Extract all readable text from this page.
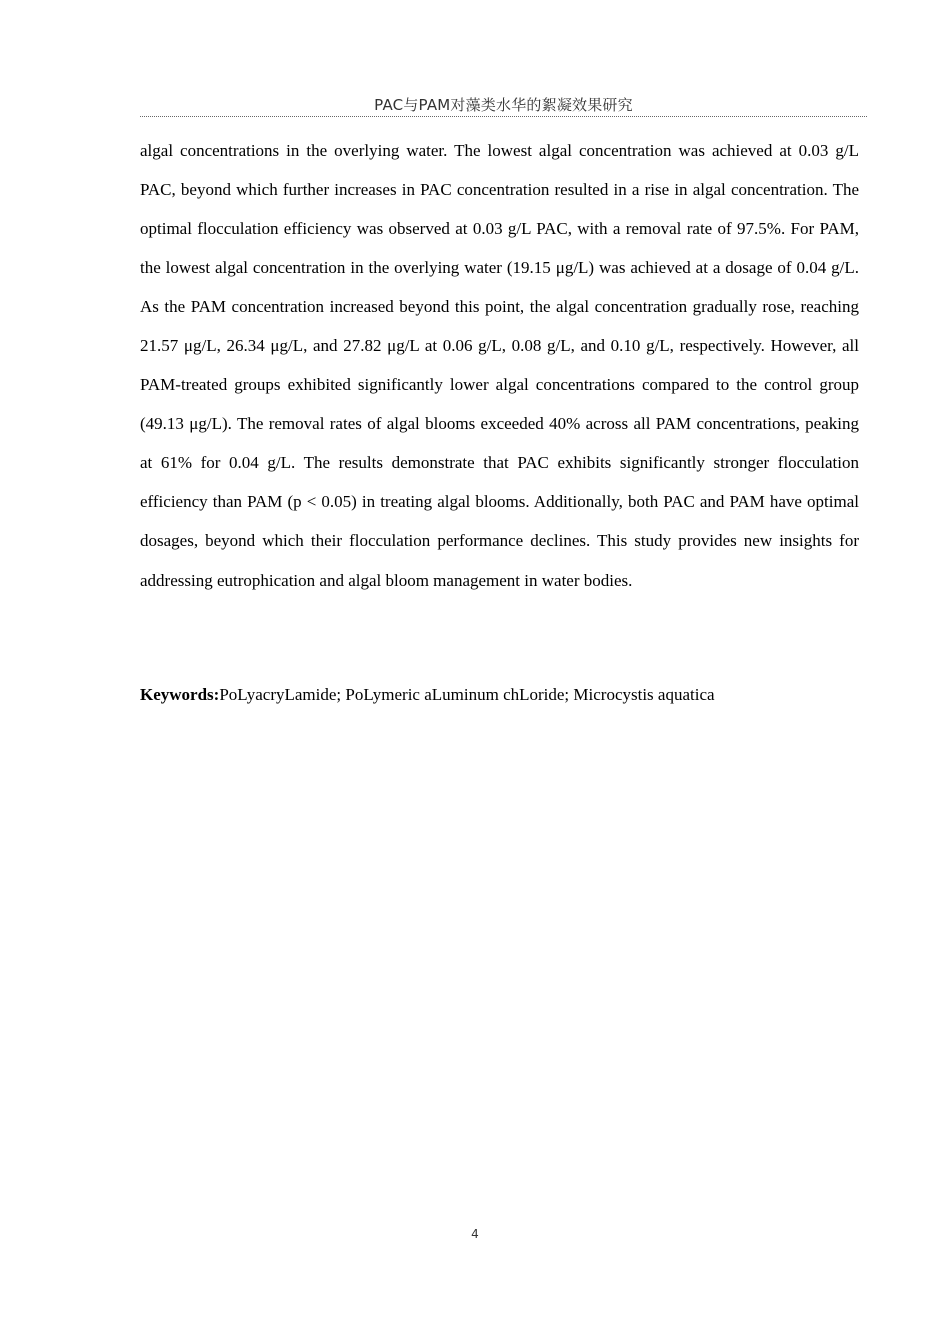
PAC与PAM对藻类水华的絮凝效果研究

algal concentrations in the overlying water. The lowest algal concentration was achieved at 0.03 g/L PAC, beyond which further increases in PAC concentration resulted in a rise in algal concentration. The optimal flocculation efficiency was observed at 0.03 g/L PAC, with a removal rate of 97.5%. For PAM, the lowest algal concentration in the overlying water (19.15 μg/L) was achieved at a dosage of 0.04 g/L. As the PAM concentration increased beyond this point, the algal concentration gradually rose, reaching 21.57 μg/L, 26.34 μg/L, and 27.82 μg/L at 0.06 g/L, 0.08 g/L, and 0.10 g/L, respectively. However, all PAM-treated groups exhibited significantly lower algal concentrations compared to the control group (49.13 μg/L). The removal rates of algal blooms exceeded 40% across all PAM concentrations, peaking at 61% for 0.04 g/L. The results demonstrate that PAC exhibits significantly stronger flocculation efficiency than PAM (p < 0.05) in treating algal blooms. Additionally, both PAC and PAM have optimal dosages, beyond which their flocculation performance declines. This study provides new insights for addressing eutrophication and algal bloom management in water bodies.

Keywords:PoLyacryLamide; PoLymeric aLuminum chLoride; Microcystis aquatica

4
